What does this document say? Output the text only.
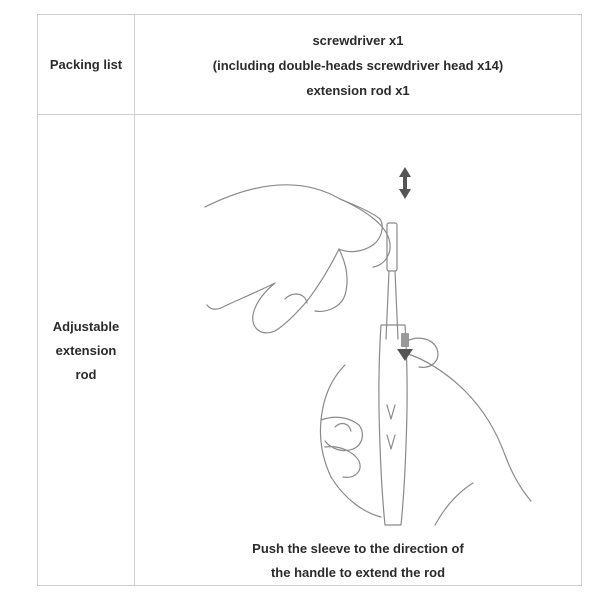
Packing list
screwdriver x1
(including double-heads screwdriver head x14)
extension rod x1
Adjustable
extension
rod
Push the sleeve to the direction of
the handle to extend the rod
